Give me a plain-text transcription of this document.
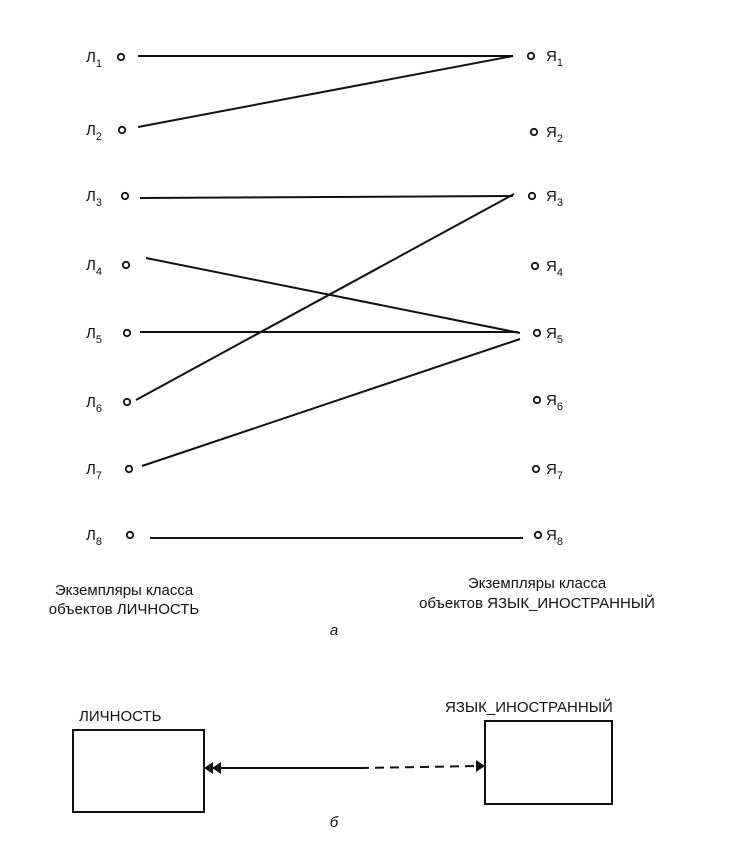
$Л_1$
$Л_2$
$Л_3$
$Л_4$
$Л_5$
$Л_6$
$Л_7$
$Л_8$
$Я_1$
$Я_2$
$Я_3$
$Я_4$
$Я_5$
$Я_6$
$Я_7$
$Я_8$
Экземпляры класса
объектов ЛИЧНОСТЬ
Экземпляры класса
объектов ЯЗЫК_ИНОСТРАННЫЙ
а
ЛИЧНОСТЬ
ЯЗЫК_ИНОСТРАННЫЙ
б
